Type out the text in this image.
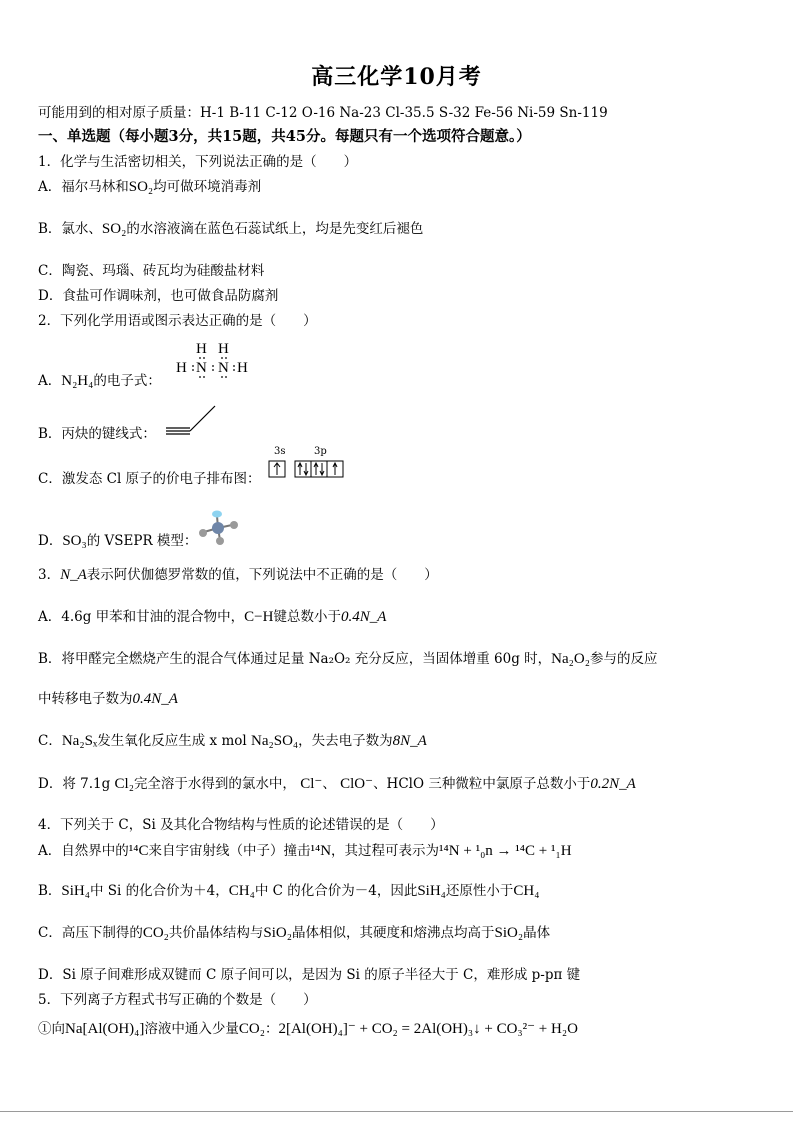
高三化学10月考
可能用到的相对原子质量：H-1 B-11 C-12 O-16 Na-23 Cl-35.5 S-32 Fe-56 Ni-59 Sn-119
一、单选题（每小题3分，共15题，共45分。每题只有一个选项符合题意。）
1．化学与生活密切相关，下列说法正确的是（　　）
A．福尔马林和SO₂均可做环境消毒剂
B．氯水、SO₂的水溶液滴在蓝色石蕊试纸上，均是先变红后褪色
C．陶瓷、玛瑙、砖瓦均为硅酸盐材料
D．食盐可作调味剂，也可做食品防腐剂
2．下列化学用语或图示表达正确的是（　　）
A．N₂H₄的电子式：
H H
H N N H
B．丙炔的键线式：
C．激发态 Cl 原子的价电子排布图：
3s	3p
D．SO₃的 VSEPR 模型：
3．N_A表示阿伏伽德罗常数的值，下列说法中不正确的是（　　）
A．4.6g 甲苯和甘油的混合物中，C−H键总数小于0.4N_A
B．将甲醛完全燃烧产生的混合气体通过足量 Na₂O₂ 充分反应，当固体增重 60g 时，Na₂O₂参与的反应
中转移电子数为0.4N_A
C．Na₂Sₓ发生氧化反应生成 x mol Na₂SO₄，失去电子数为8N_A
D．将 7.1g Cl₂完全溶于水得到的氯水中， Cl⁻、 ClO⁻、HClO 三种微粒中氯原子总数小于0.2N_A
4．下列关于 C，Si 及其化合物结构与性质的论述错误的是（　　）
A．自然界中的¹⁴C来自宇宙射线（中子）撞击¹⁴N，其过程可表示为¹⁴N + ¹₀n → ¹⁴C + ¹₁H
B．SiH₄中 Si 的化合价为＋4，CH₄中 C 的化合价为－4，因此SiH₄还原性小于CH₄
C．高压下制得的CO₂共价晶体结构与SiO₂晶体相似，其硬度和熔沸点均高于SiO₂晶体
D．Si 原子间难形成双键而 C 原子间可以，是因为 Si 的原子半径大于 C，难形成 p-pπ 键
5．下列离子方程式书写正确的个数是（　　）
①向Na[Al(OH)₄]溶液中通入少量CO₂：2[Al(OH)₄]⁻ + CO₂ = 2Al(OH)₃↓ + CO₃²⁻ + H₂O
